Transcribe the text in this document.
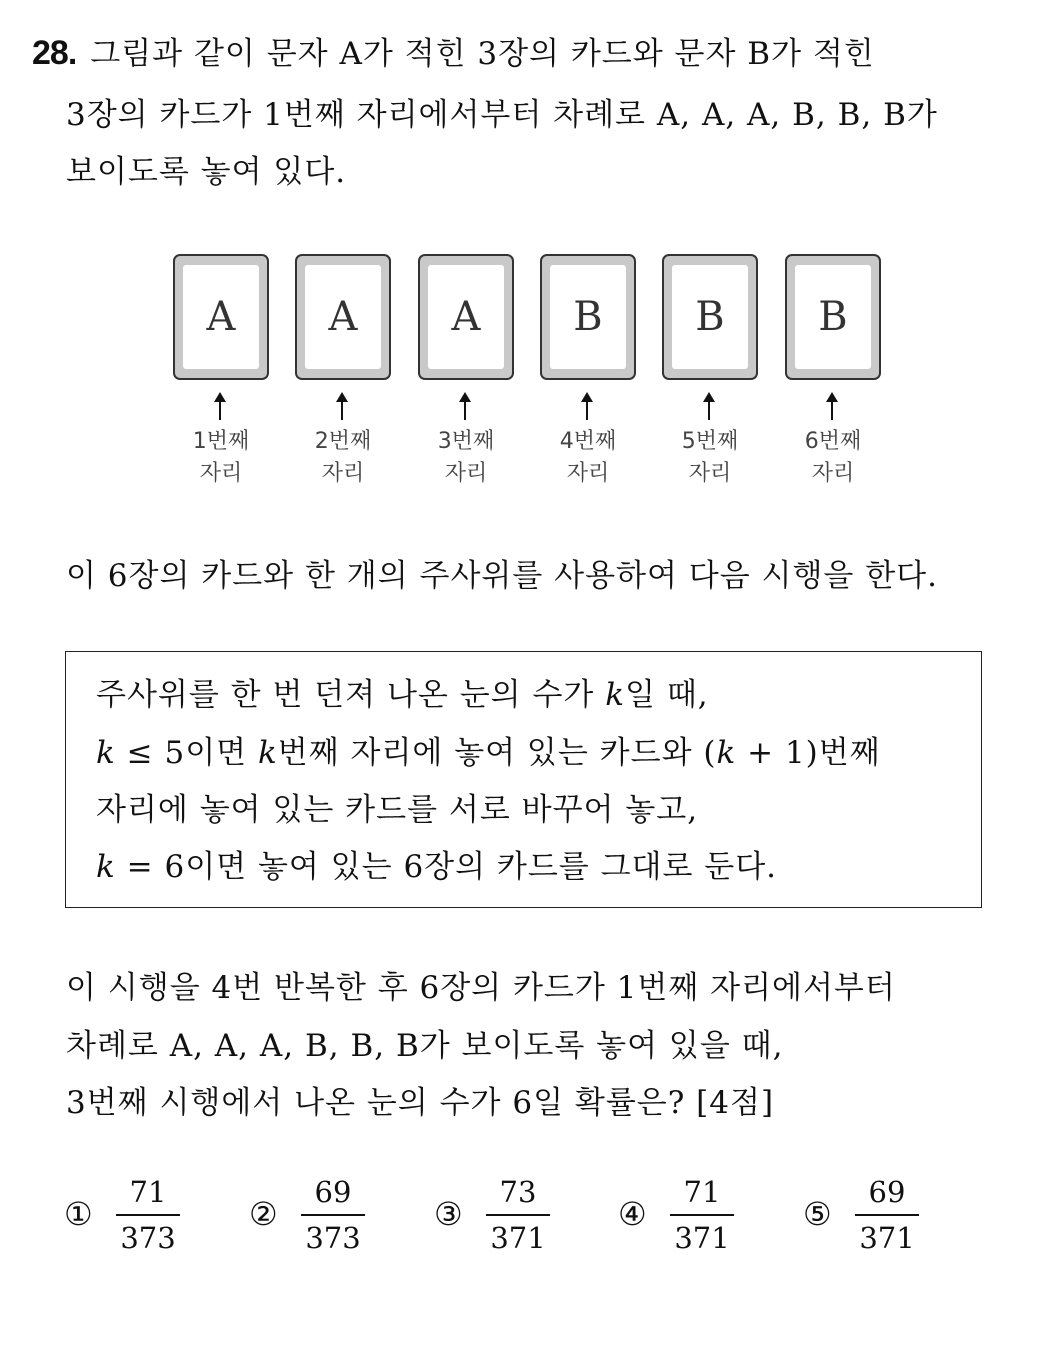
28. 그림과 같이 문자 A가 적힌 3장의 카드와 문자 B가 적힌
3장의 카드가 1번째 자리에서부터 차례로 A, A, A, B, B, B가
보이도록 놓여 있다.
A
1번째
자리
A
2번째
자리
A
3번째
자리
B
4번째
자리
B
5번째
자리
B
6번째
자리
이 6장의 카드와 한 개의 주사위를 사용하여 다음 시행을 한다.
주사위를 한 번 던져 나온 눈의 수가 k일 때,
k ≤ 5이면 k번째 자리에 놓여 있는 카드와 (k + 1)번째
자리에 놓여 있는 카드를 서로 바꾸어 놓고,
k = 6이면 놓여 있는 6장의 카드를 그대로 둔다.
이 시행을 4번 반복한 후 6장의 카드가 1번째 자리에서부터
차례로 A, A, A, B, B, B가 보이도록 놓여 있을 때,
3번째 시행에서 나온 눈의 수가 6일 확률은? [4점]
①
71
373
②
69
373
③
73
371
④
71
371
⑤
69
371
